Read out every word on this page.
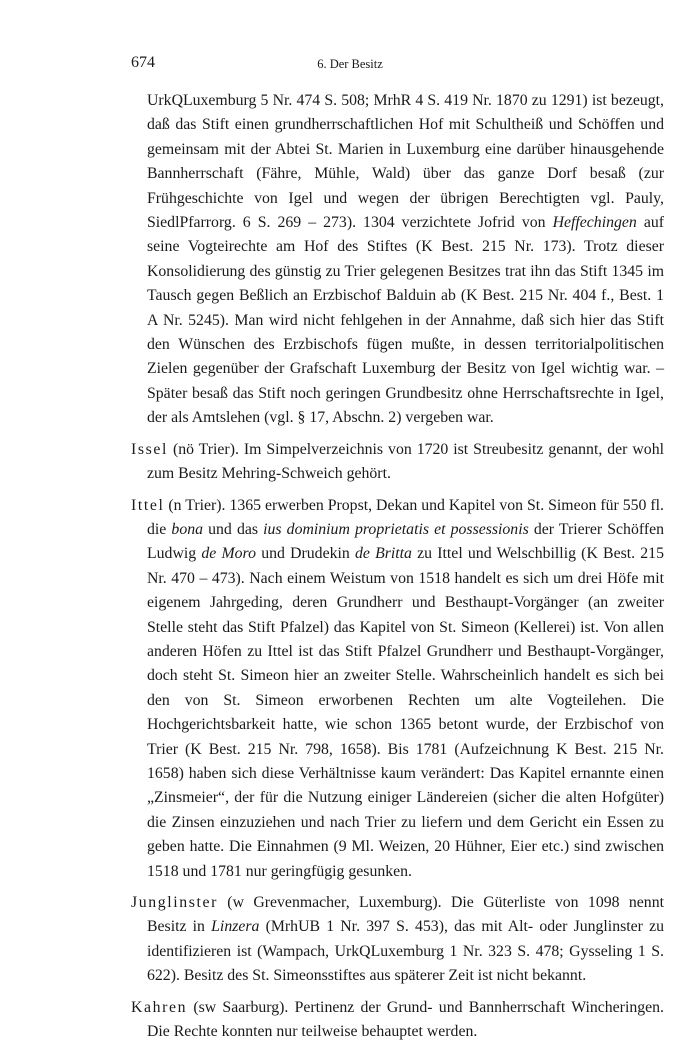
674	6. Der Besitz

UrkQLuxemburg 5 Nr. 474 S. 508; MrhR 4 S. 419 Nr. 1870 zu 1291) ist bezeugt, daß das Stift einen grundherrschaftlichen Hof mit Schultheiß und Schöffen und gemeinsam mit der Abtei St. Marien in Luxemburg eine darüber hinausgehende Bannherrschaft (Fähre, Mühle, Wald) über das ganze Dorf besaß (zur Frühgeschichte von Igel und wegen der übrigen Berechtigten vgl. Pauly, SiedlPfarrorg. 6 S. 269 – 273). 1304 verzichtete Jofrid von Heffechingen auf seine Vogteirechte am Hof des Stiftes (K Best. 215 Nr. 173). Trotz dieser Konsolidierung des günstig zu Trier gelegenen Besitzes trat ihn das Stift 1345 im Tausch gegen Beßlich an Erzbischof Balduin ab (K Best. 215 Nr. 404 f., Best. 1 A Nr. 5245). Man wird nicht fehlgehen in der Annahme, daß sich hier das Stift den Wünschen des Erzbischofs fügen mußte, in dessen territorialpolitischen Zielen gegenüber der Grafschaft Luxemburg der Besitz von Igel wichtig war. – Später besaß das Stift noch geringen Grundbesitz ohne Herrschaftsrechte in Igel, der als Amtslehen (vgl. § 17, Abschn. 2) vergeben war.

Issel (nö Trier). Im Simpelverzeichnis von 1720 ist Streubesitz genannt, der wohl zum Besitz Mehring-Schweich gehört.

Ittel (n Trier). 1365 erwerben Propst, Dekan und Kapitel von St. Simeon für 550 fl. die bona und das ius dominium proprietatis et possessionis der Trierer Schöffen Ludwig de Moro und Drudekin de Britta zu Ittel und Welschbillig (K Best. 215 Nr. 470 – 473). Nach einem Weistum von 1518 handelt es sich um drei Höfe mit eigenem Jahrgeding, deren Grundherr und Besthaupt-Vorgänger (an zweiter Stelle steht das Stift Pfalzel) das Kapitel von St. Simeon (Kellerei) ist. Von allen anderen Höfen zu Ittel ist das Stift Pfalzel Grundherr und Besthaupt-Vorgänger, doch steht St. Simeon hier an zweiter Stelle. Wahrscheinlich handelt es sich bei den von St. Simeon erworbenen Rechten um alte Vogteilehen. Die Hochgerichtsbarkeit hatte, wie schon 1365 betont wurde, der Erzbischof von Trier (K Best. 215 Nr. 798, 1658). Bis 1781 (Aufzeichnung K Best. 215 Nr. 1658) haben sich diese Verhältnisse kaum verändert: Das Kapitel ernannte einen „Zinsmeier“, der für die Nutzung einiger Ländereien (sicher die alten Hofgüter) die Zinsen einzuziehen und nach Trier zu liefern und dem Gericht ein Essen zu geben hatte. Die Einnahmen (9 Ml. Weizen, 20 Hühner, Eier etc.) sind zwischen 1518 und 1781 nur geringfügig gesunken.

Junglinster (w Grevenmacher, Luxemburg). Die Güterliste von 1098 nennt Besitz in Linzera (MrhUB 1 Nr. 397 S. 453), das mit Alt- oder Junglinster zu identifizieren ist (Wampach, UrkQLuxemburg 1 Nr. 323 S. 478; Gysseling 1 S. 622). Besitz des St. Simeonsstiftes aus späterer Zeit ist nicht bekannt.

Kahren (sw Saarburg). Pertinenz der Grund- und Bannherrschaft Wincheringen. Die Rechte konnten nur teilweise behauptet werden.
